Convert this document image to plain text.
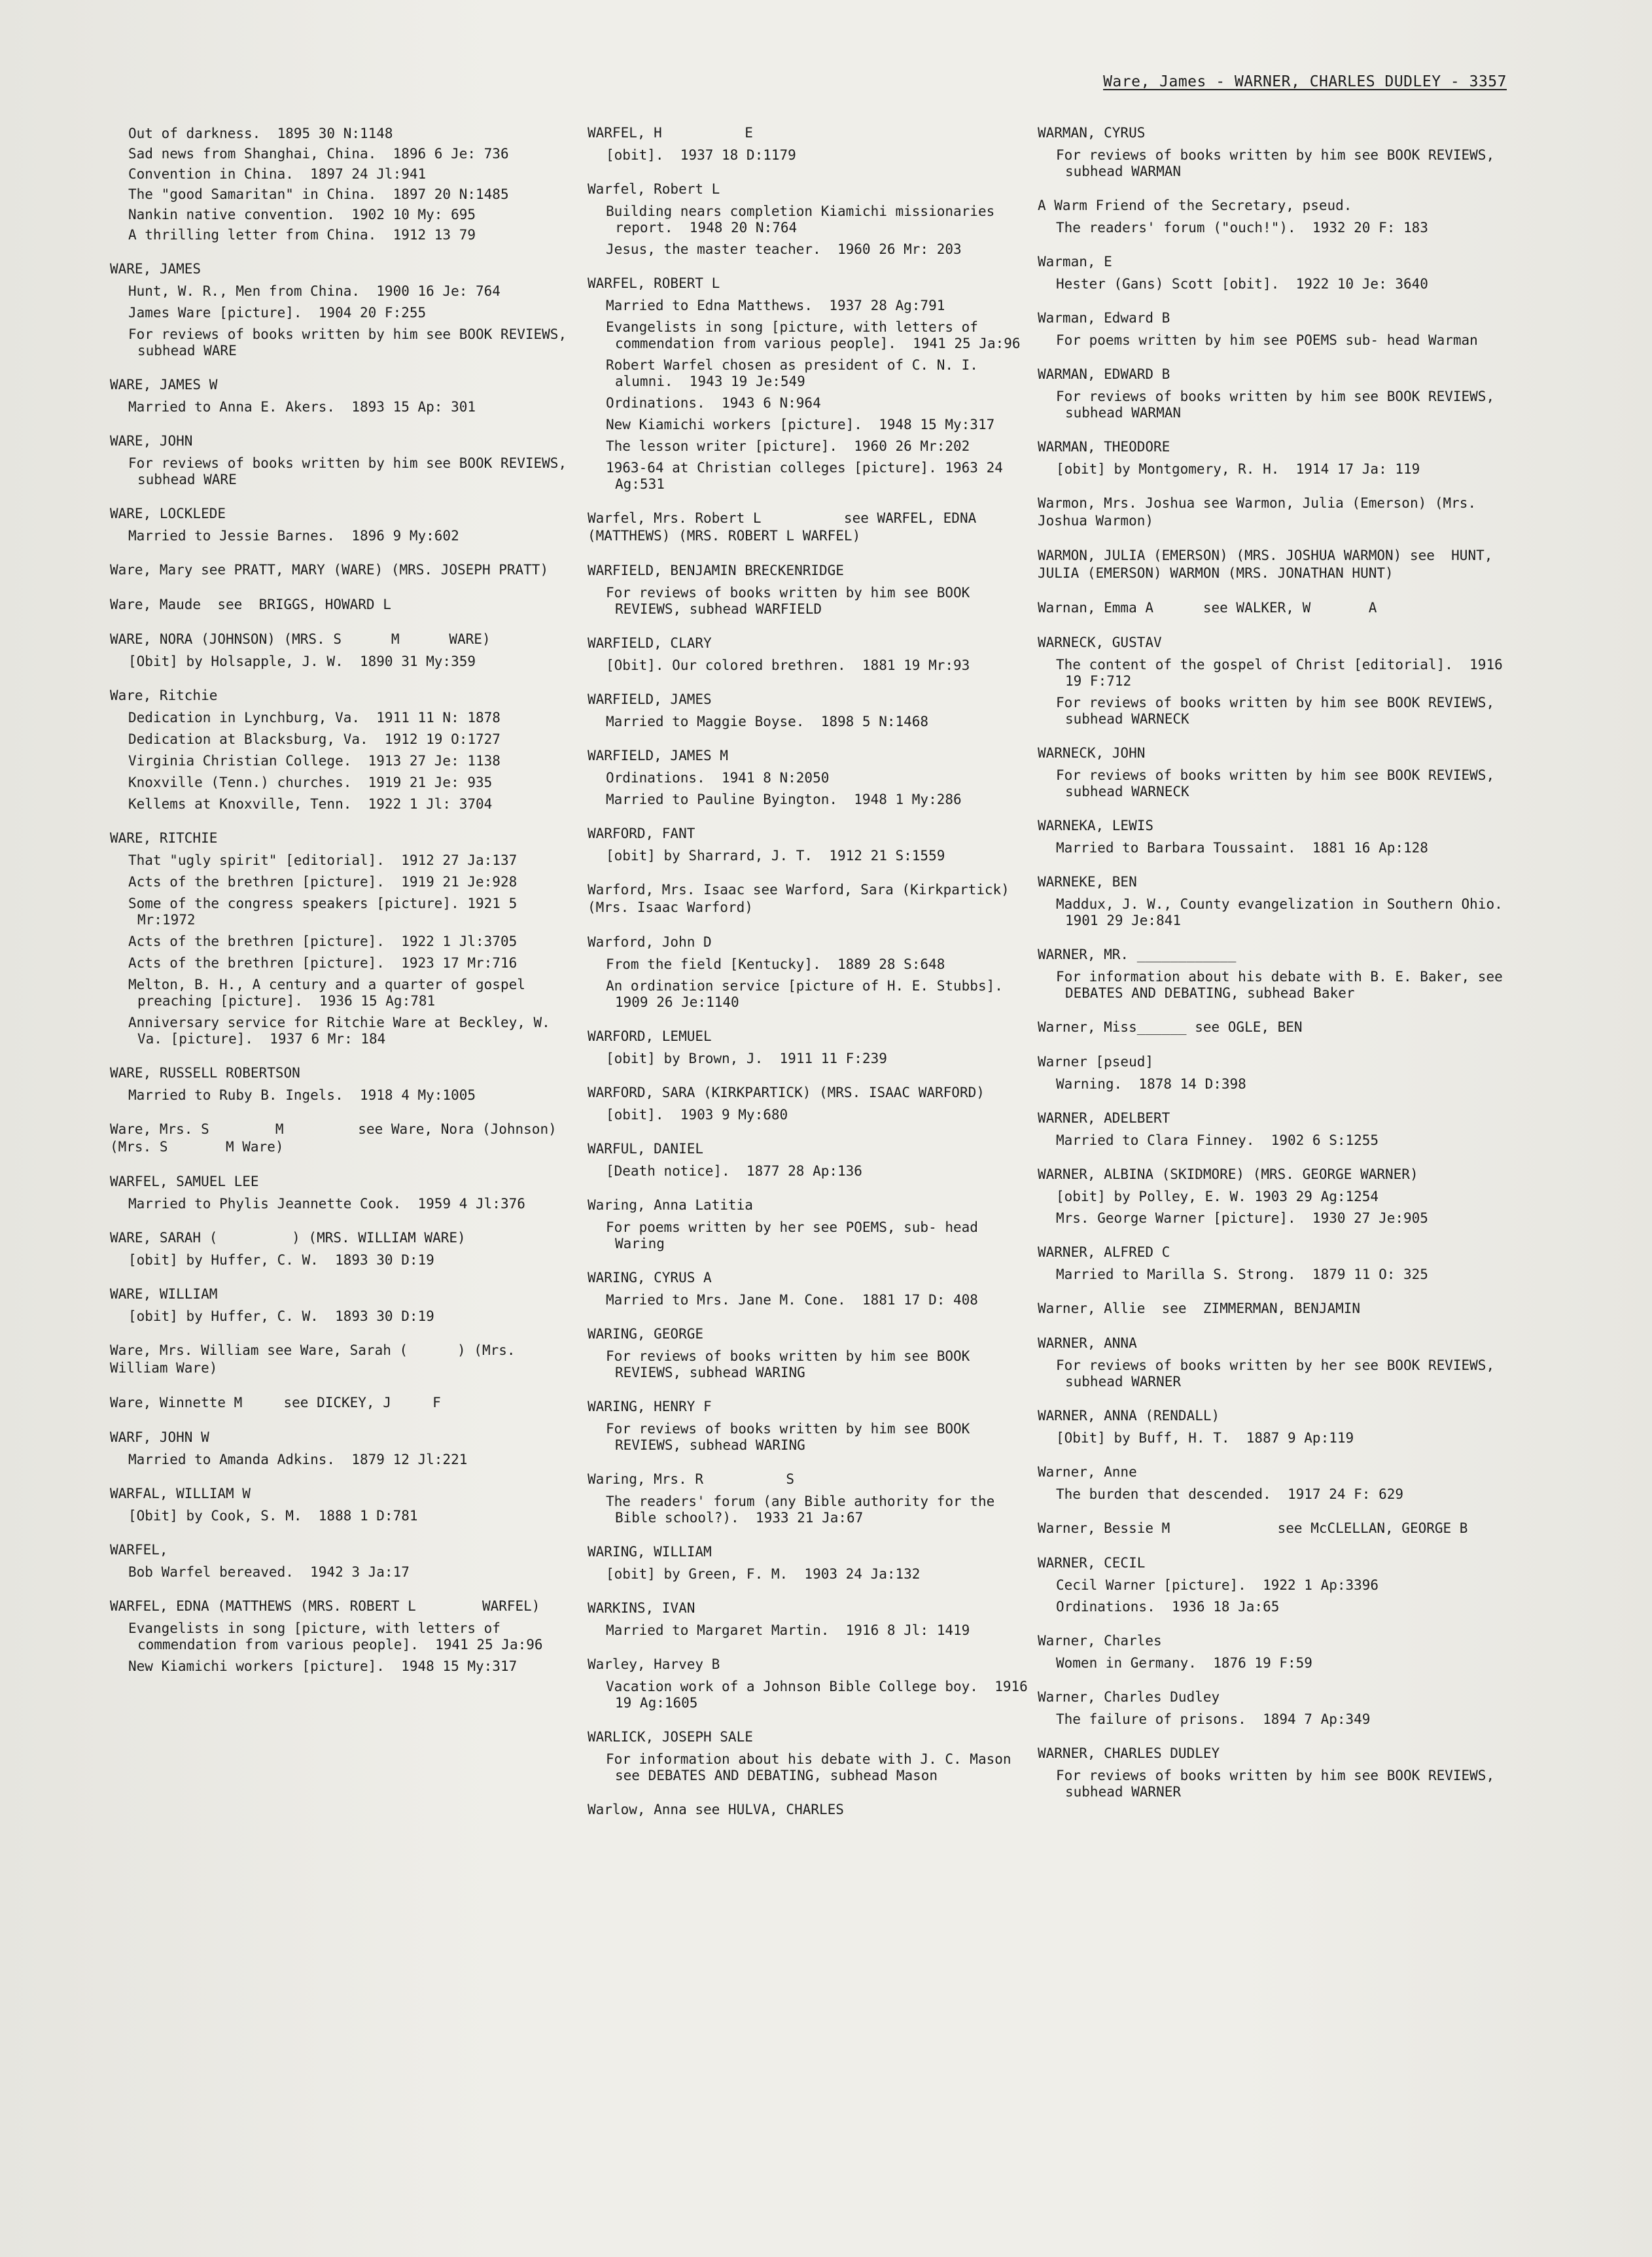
Ware, James - WARNER, CHARLES DUDLEY - 3357
Out of darkness.  1895 30 N:1148
Sad news from Shanghai, China.  1896 6 Je: 736
Convention in China.  1897 24 Jl:941
The "good Samaritan" in China.  1897 20 N:1485
Nankin native convention.  1902 10 My: 695
A thrilling letter from China.  1912 13 79
WARE, JAMES
Hunt, W. R., Men from China.  1900 16 Je: 764
James Ware [picture].  1904 20 F:255
For reviews of books written by him see BOOK REVIEWS, subhead WARE
WARE, JAMES W
Married to Anna E. Akers.  1893 15 Ap: 301
WARE, JOHN
For reviews of books written by him see BOOK REVIEWS, subhead WARE
WARE, LOCKLEDE
Married to Jessie Barnes.  1896 9 My:602
Ware, Mary see PRATT, MARY (WARE) (MRS. JOSEPH PRATT)
Ware, Maude  see  BRIGGS, HOWARD L
WARE, NORA (JOHNSON) (MRS. S      M      WARE)
[Obit] by Holsapple, J. W.  1890 31 My:359
Ware, Ritchie
Dedication in Lynchburg, Va.  1911 11 N: 1878
Dedication at Blacksburg, Va.  1912 19 O:1727
Virginia Christian College.  1913 27 Je: 1138
Knoxville (Tenn.) churches.  1919 21 Je: 935
Kellems at Knoxville, Tenn.  1922 1 Jl: 3704
WARE, RITCHIE
That "ugly spirit" [editorial].  1912 27 Ja:137
Acts of the brethren [picture].  1919 21 Je:928
Some of the congress speakers [picture]. 1921 5 Mr:1972
Acts of the brethren [picture].  1922 1 Jl:3705
Acts of the brethren [picture].  1923 17 Mr:716
Melton, B. H., A century and a quarter of gospel preaching [picture].  1936 15 Ag:781
Anniversary service for Ritchie Ware at Beckley, W. Va. [picture].  1937 6 Mr: 184
WARE, RUSSELL ROBERTSON
Married to Ruby B. Ingels.  1918 4 My:1005
Ware, Mrs. S        M         see Ware, Nora (Johnson) (Mrs. S       M Ware)
WARFEL, SAMUEL LEE
Married to Phylis Jeannette Cook.  1959 4 Jl:376
WARE, SARAH (         ) (MRS. WILLIAM WARE)
[obit] by Huffer, C. W.  1893 30 D:19
WARE, WILLIAM
[obit] by Huffer, C. W.  1893 30 D:19
Ware, Mrs. William see Ware, Sarah (      ) (Mrs. William Ware)
Ware, Winnette M     see DICKEY, J     F
WARF, JOHN W
Married to Amanda Adkins.  1879 12 Jl:221
WARFAL, WILLIAM W
[Obit] by Cook, S. M.  1888 1 D:781
WARFEL,
Bob Warfel bereaved.  1942 3 Ja:17
WARFEL, EDNA (MATTHEWS (MRS. ROBERT L        WARFEL)
Evangelists in song [picture, with letters of commendation from various people].  1941 25 Ja:96
New Kiamichi workers [picture].  1948 15 My:317
WARFEL, H          E
[obit].  1937 18 D:1179
Warfel, Robert L
Building nears completion Kiamichi missionaries report.  1948 20 N:764
Jesus, the master teacher.  1960 26 Mr: 203
WARFEL, ROBERT L
Married to Edna Matthews.  1937 28 Ag:791
Evangelists in song [picture, with letters of commendation from various people].  1941 25 Ja:96
Robert Warfel chosen as president of C. N. I. alumni.  1943 19 Je:549
Ordinations.  1943 6 N:964
New Kiamichi workers [picture].  1948 15 My:317
The lesson writer [picture].  1960 26 Mr:202
1963-64 at Christian colleges [picture]. 1963 24 Ag:531
Warfel, Mrs. Robert L          see WARFEL, EDNA (MATTHEWS) (MRS. ROBERT L WARFEL)
WARFIELD, BENJAMIN BRECKENRIDGE
For reviews of books written by him see BOOK REVIEWS, subhead WARFIELD
WARFIELD, CLARY
[Obit]. Our colored brethren.  1881 19 Mr:93
WARFIELD, JAMES
Married to Maggie Boyse.  1898 5 N:1468
WARFIELD, JAMES M
Ordinations.  1941 8 N:2050
Married to Pauline Byington.  1948 1 My:286
WARFORD, FANT
[obit] by Sharrard, J. T.  1912 21 S:1559
Warford, Mrs. Isaac see Warford, Sara (Kirkpartick) (Mrs. Isaac Warford)
Warford, John D
From the field [Kentucky].  1889 28 S:648
An ordination service [picture of H. E. Stubbs].  1909 26 Je:1140
WARFORD, LEMUEL
[obit] by Brown, J.  1911 11 F:239
WARFORD, SARA (KIRKPARTICK) (MRS. ISAAC WARFORD)
[obit].  1903 9 My:680
WARFUL, DANIEL
[Death notice].  1877 28 Ap:136
Waring, Anna Latitia
For poems written by her see POEMS, sub- head Waring
WARING, CYRUS A
Married to Mrs. Jane M. Cone.  1881 17 D: 408
WARING, GEORGE
For reviews of books written by him see BOOK REVIEWS, subhead WARING
WARING, HENRY F
For reviews of books written by him see BOOK REVIEWS, subhead WARING
Waring, Mrs. R          S
The readers' forum (any Bible authority for the Bible school?).  1933 21 Ja:67
WARING, WILLIAM
[obit] by Green, F. M.  1903 24 Ja:132
WARKINS, IVAN
Married to Margaret Martin.  1916 8 Jl: 1419
Warley, Harvey B
Vacation work of a Johnson Bible College boy.  1916 19 Ag:1605
WARLICK, JOSEPH SALE
For information about his debate with J. C. Mason see DEBATES AND DEBATING, subhead Mason
Warlow, Anna see HULVA, CHARLES
WARMAN, CYRUS
For reviews of books written by him see BOOK REVIEWS, subhead WARMAN
A Warm Friend of the Secretary, pseud.
The readers' forum ("ouch!").  1932 20 F: 183
Warman, E
Hester (Gans) Scott [obit].  1922 10 Je: 3640
Warman, Edward B
For poems written by him see POEMS sub- head Warman
WARMAN, EDWARD B
For reviews of books written by him see BOOK REVIEWS, subhead WARMAN
WARMAN, THEODORE
[obit] by Montgomery, R. H.  1914 17 Ja: 119
Warmon, Mrs. Joshua see Warmon, Julia (Emerson) (Mrs. Joshua Warmon)
WARMON, JULIA (EMERSON) (MRS. JOSHUA WARMON) see  HUNT, JULIA (EMERSON) WARMON (MRS. JONATHAN HUNT)
Warnan, Emma A      see WALKER, W       A
WARNECK, GUSTAV
The content of the gospel of Christ [editorial].  1916 19 F:712
For reviews of books written by him see BOOK REVIEWS, subhead WARNECK
WARNECK, JOHN
For reviews of books written by him see BOOK REVIEWS, subhead WARNECK
WARNEKA, LEWIS
Married to Barbara Toussaint.  1881 16 Ap:128
WARNEKE, BEN
Maddux, J. W., County evangelization in Southern Ohio.  1901 29 Je:841
WARNER, MR. ____________
For information about his debate with B. E. Baker, see DEBATES AND DEBATING, subhead Baker
Warner, Miss______ see OGLE, BEN
Warner [pseud]
Warning.  1878 14 D:398
WARNER, ADELBERT
Married to Clara Finney.  1902 6 S:1255
WARNER, ALBINA (SKIDMORE) (MRS. GEORGE WARNER)
[obit] by Polley, E. W. 1903 29 Ag:1254
Mrs. George Warner [picture].  1930 27 Je:905
WARNER, ALFRED C
Married to Marilla S. Strong.  1879 11 O: 325
Warner, Allie  see  ZIMMERMAN, BENJAMIN
WARNER, ANNA
For reviews of books written by her see BOOK REVIEWS, subhead WARNER
WARNER, ANNA (RENDALL)
[Obit] by Buff, H. T.  1887 9 Ap:119
Warner, Anne
The burden that descended.  1917 24 F: 629
Warner, Bessie M             see McCLELLAN, GEORGE B
WARNER, CECIL
Cecil Warner [picture].  1922 1 Ap:3396
Ordinations.  1936 18 Ja:65
Warner, Charles
Women in Germany.  1876 19 F:59
Warner, Charles Dudley
The failure of prisons.  1894 7 Ap:349
WARNER, CHARLES DUDLEY
For reviews of books written by him see BOOK REVIEWS, subhead WARNER
